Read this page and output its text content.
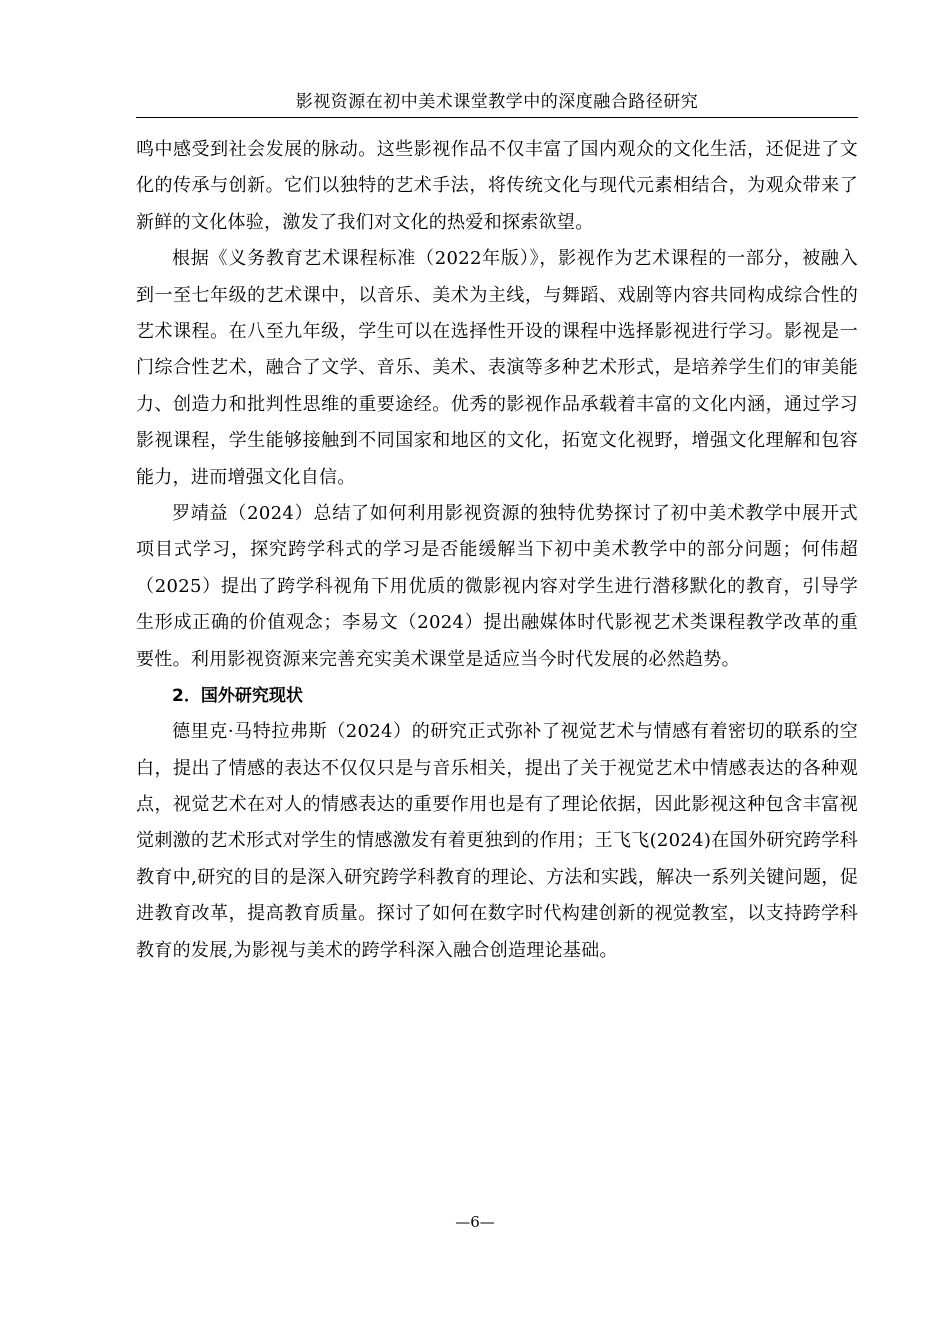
影视资源在初中美术课堂教学中的深度融合路径研究

鸣中感受到社会发展的脉动。这些影视作品不仅丰富了国内观众的文化生活，还促进了文化的传承与创新。它们以独特的艺术手法，将传统文化与现代元素相结合，为观众带来了新鲜的文化体验，激发了我们对文化的热爱和探索欲望。

根据《义务教育艺术课程标准（2022年版）》，影视作为艺术课程的一部分，被融入到一至七年级的艺术课中，以音乐、美术为主线，与舞蹈、戏剧等内容共同构成综合性的艺术课程。在八至九年级，学生可以在选择性开设的课程中选择影视进行学习。影视是一门综合性艺术，融合了文学、音乐、美术、表演等多种艺术形式，是培养学生们的审美能力、创造力和批判性思维的重要途经。优秀的影视作品承载着丰富的文化内涵，通过学习影视课程，学生能够接触到不同国家和地区的文化，拓宽文化视野，增强文化理解和包容能力，进而增强文化自信。

罗靖益（2024）总结了如何利用影视资源的独特优势探讨了初中美术教学中展开式项目式学习，探究跨学科式的学习是否能缓解当下初中美术教学中的部分问题；何伟超（2025）提出了跨学科视角下用优质的微影视内容对学生进行潜移默化的教育，引导学生形成正确的价值观念；李易文（2024）提出融媒体时代影视艺术类课程教学改革的重要性。利用影视资源来完善充实美术课堂是适应当今时代发展的必然趋势。

2．国外研究现状

德里克·马特拉弗斯（2024）的研究正式弥补了视觉艺术与情感有着密切的联系的空白，提出了情感的表达不仅仅只是与音乐相关，提出了关于视觉艺术中情感表达的各种观点，视觉艺术在对人的情感表达的重要作用也是有了理论依据，因此影视这种包含丰富视觉刺激的艺术形式对学生的情感激发有着更独到的作用；王飞飞(2024)在国外研究跨学科教育中,研究的目的是深入研究跨学科教育的理论、方法和实践，解决一系列关键问题，促进教育改革，提高教育质量。探讨了如何在数字时代构建创新的视觉教室，以支持跨学科教育的发展,为影视与美术的跨学科深入融合创造理论基础。

—6—
